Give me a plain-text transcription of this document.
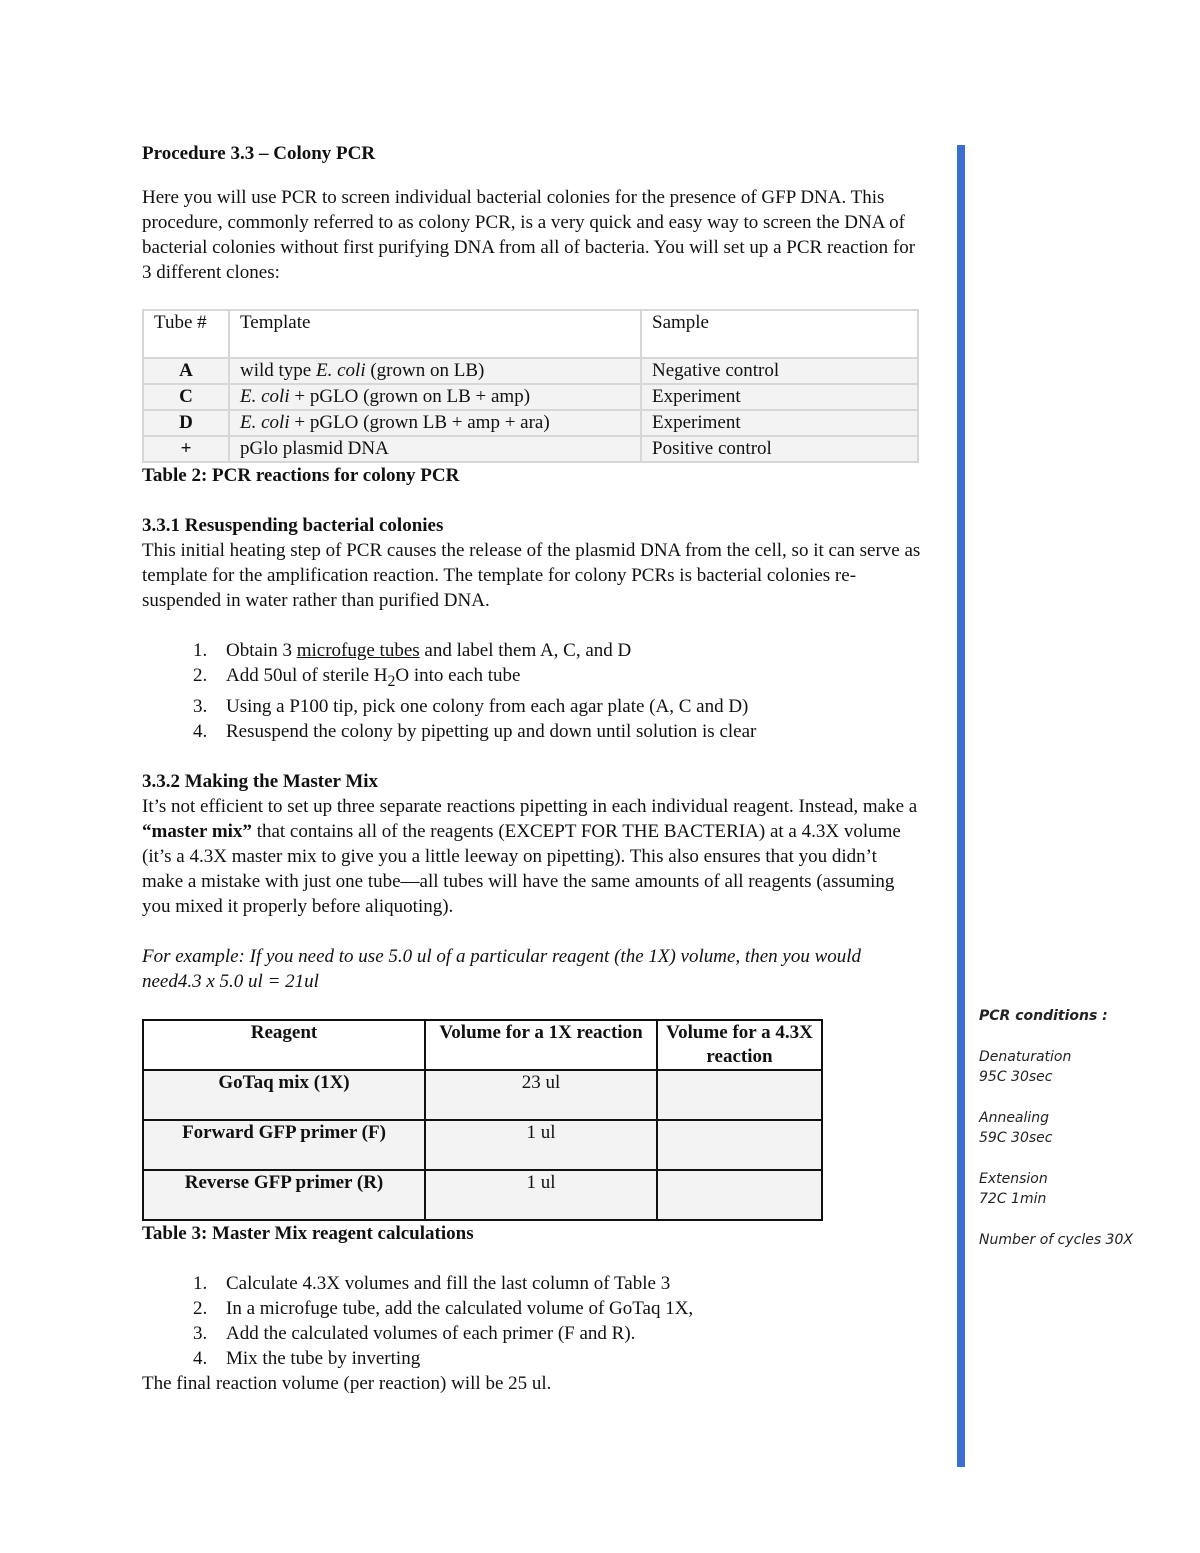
Procedure 3.3 – Colony PCR

Here you will use PCR to screen individual bacterial colonies for the presence of GFP DNA. This procedure, commonly referred to as colony PCR, is a very quick and easy way to screen the DNA of bacterial colonies without first purifying DNA from all of bacteria. You will set up a PCR reaction for 3 different clones:

Tube #	Template	Sample
A	wild type E. coli (grown on LB)	Negative control
C	E. coli + pGLO (grown on LB + amp)	Experiment
D	E. coli + pGLO (grown LB + amp + ara)	Experiment
+	pGlo plasmid DNA	Positive control

Table 2: PCR reactions for colony PCR

3.3.1 Resuspending bacterial colonies

This initial heating step of PCR causes the release of the plasmid DNA from the cell, so it can serve as template for the amplification reaction. The template for colony PCRs is bacterial colonies re-suspended in water rather than purified DNA.

1. Obtain 3 microfuge tubes and label them A, C, and D
2. Add 50ul of sterile $H_2O$ into each tube
3. Using a P100 tip, pick one colony from each agar plate (A, C and D)
4. Resuspend the colony by pipetting up and down until solution is clear

3.3.2 Making the Master Mix

It’s not efficient to set up three separate reactions pipetting in each individual reagent. Instead, make a “master mix” that contains all of the reagents (EXCEPT FOR THE BACTERIA) at a 4.3X volume (it’s a 4.3X master mix to give you a little leeway on pipetting). This also ensures that you didn’t make a mistake with just one tube—all tubes will have the same amounts of all reagents (assuming you mixed it properly before aliquoting).

For example: If you need to use 5.0 ul of a particular reagent (the 1X) volume, then you would need4.3 x 5.0 ul = 21ul

Reagent	Volume for a 1X reaction	Volume for a 4.3X reaction
GoTaq mix (1X)	23 ul	
Forward GFP primer (F)	1 ul	
Reverse GFP primer (R)	1 ul	

Table 3: Master Mix reagent calculations

1. Calculate 4.3X volumes and fill the last column of Table 3
2. In a microfuge tube, add the calculated volume of GoTaq 1X,
3. Add the calculated volumes of each primer (F and R).
4. Mix the tube by inverting

The final reaction volume (per reaction) will be 25 ul.

PCR conditions :
Denaturation
95C 30sec
Annealing
59C 30sec
Extension
72C 1min
Number of cycles 30X
